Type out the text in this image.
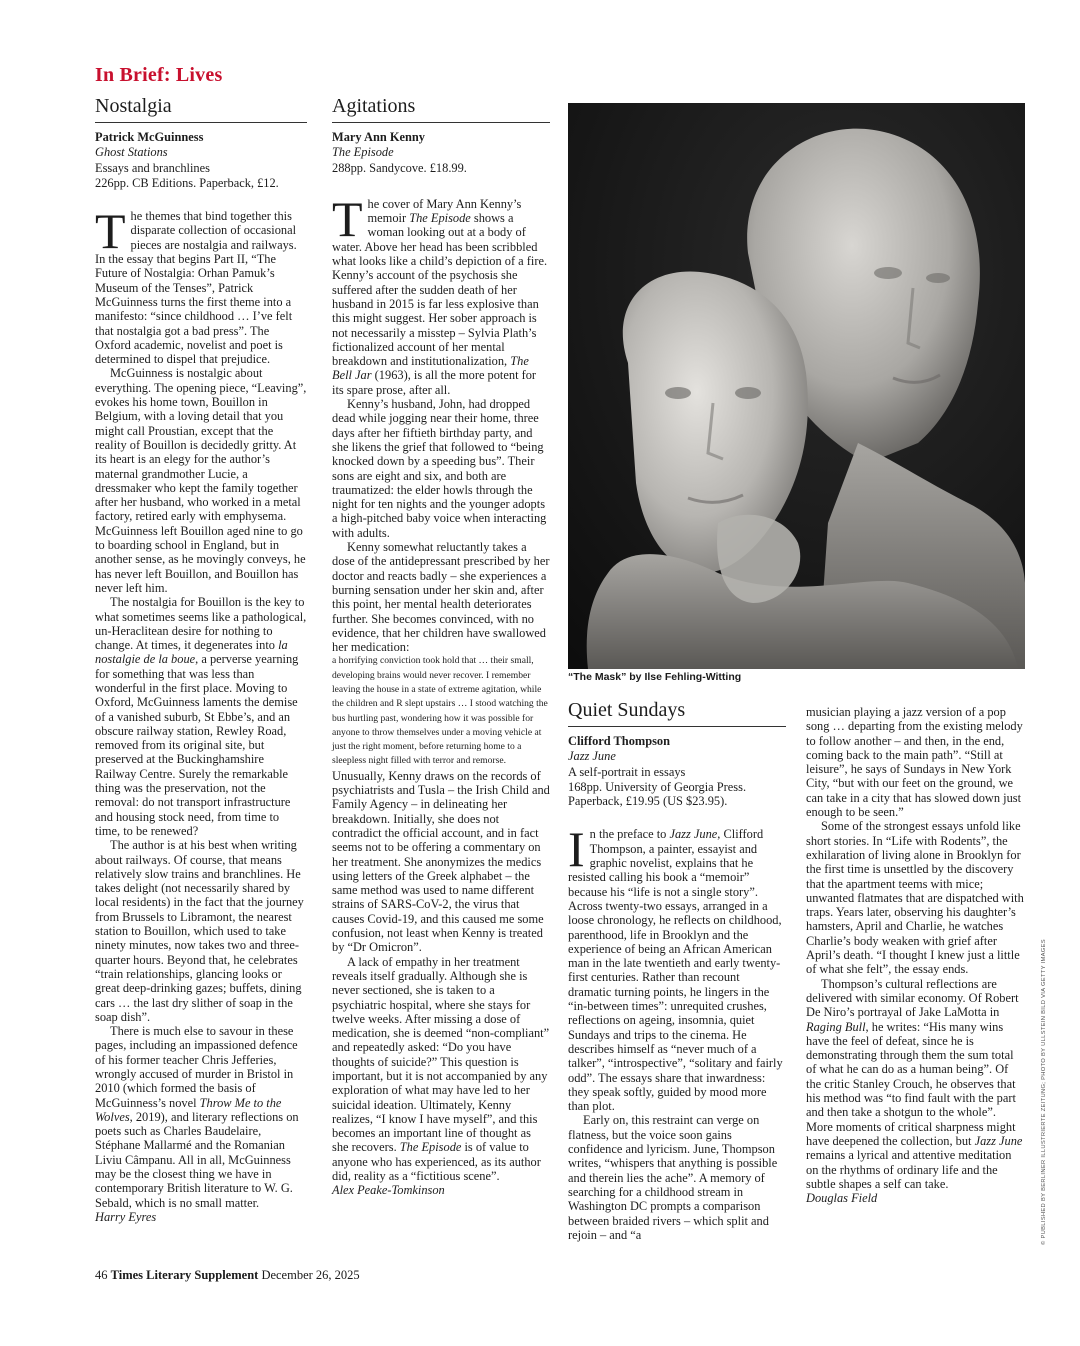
In Brief: Lives
Nostalgia
Patrick McGuinness
Ghost Stations
Essays and branchlines
226pp. CB Editions. Paperback, £12.

The themes that bind together this disparate collection of occasional pieces are nostalgia and railways. In the essay that begins Part II, “The Future of Nostalgia: Orhan Pamuk’s Museum of the Tenses”, Patrick McGuinness turns the first theme into a manifesto: “since childhood … I’ve felt that nostalgia got a bad press”. The Oxford academic, novelist and poet is determined to dispel that prejudice.

McGuinness is nostalgic about everything. The opening piece, “Leaving”, evokes his home town, Bouillon in Belgium, with a loving detail that you might call Proustian, except that the reality of Bouillon is decidedly gritty. At its heart is an elegy for the author’s maternal grandmother Lucie, a dressmaker who kept the family together after her husband, who worked in a metal factory, retired early with emphysema. McGuinness left Bouillon aged nine to go to boarding school in England, but in another sense, as he movingly conveys, he has never left Bouillon, and Bouillon has never left him.

The nostalgia for Bouillon is the key to what sometimes seems like a pathological, un-Heraclitean desire for nothing to change. At times, it degenerates into la nostalgie de la boue, a perverse yearning for something that was less than wonderful in the first place. Moving to Oxford, McGuinness laments the demise of a vanished suburb, St Ebbe’s, and an obscure railway station, Rewley Road, removed from its original site, but preserved at the Buckinghamshire Railway Centre. Surely the remarkable thing was the preservation, not the removal: do not transport infrastructure and housing stock need, from time to time, to be renewed?

The author is at his best when writing about railways. Of course, that means relatively slow trains and branchlines. He takes delight (not necessarily shared by local residents) in the fact that the journey from Brussels to Libramont, the nearest station to Bouillon, which used to take ninety minutes, now takes two and three-quarter hours. Beyond that, he celebrates “train relationships, glancing looks or great deep-drinking gazes; buffets, dining cars … the last dry slither of soap in the soap dish”.

There is much else to savour in these pages, including an impassioned defence of his former teacher Chris Jefferies, wrongly accused of murder in Bristol in 2010 (which formed the basis of McGuinness’s novel Throw Me to the Wolves, 2019), and literary reflections on poets such as Charles Baudelaire, Stéphane Mallarmé and the Romanian Liviu Câmpanu. All in all, McGuinness may be the closest thing we have in contemporary British literature to W. G. Sebald, which is no small matter.

Harry Eyres

Agitations
Mary Ann Kenny
The Episode
288pp. Sandycove. £18.99.

The cover of Mary Ann Kenny’s memoir The Episode shows a woman looking out at a body of water. Above her head has been scribbled what looks like a child’s depiction of a fire. Kenny’s account of the psychosis she suffered after the sudden death of her husband in 2015 is far less explosive than this might suggest. Her sober approach is not necessarily a misstep – Sylvia Plath’s fictionalized account of her mental breakdown and institutionalization, The Bell Jar (1963), is all the more potent for its spare prose, after all.

Kenny’s husband, John, had dropped dead while jogging near their home, three days after her fiftieth birthday party, and she likens the grief that followed to “being knocked down by a speeding bus”. Their sons are eight and six, and both are traumatized: the elder howls through the night for ten nights and the younger adopts a high-pitched baby voice when interacting with adults.

Kenny somewhat reluctantly takes a dose of the antidepressant prescribed by her doctor and reacts badly – she experiences a burning sensation under her skin and, after this point, her mental health deteriorates further. She becomes convinced, with no evidence, that her children have swallowed her medication:

a horrifying conviction took hold that … their small, developing brains would never recover. I remember leaving the house in a state of extreme agitation, while the children and R slept upstairs … I stood watching the bus hurtling past, wondering how it was possible for anyone to throw themselves under a moving vehicle at just the right moment, before returning home to a sleepless night filled with terror and remorse.

Unusually, Kenny draws on the records of psychiatrists and Tusla – the Irish Child and Family Agency – in delineating her breakdown. Initially, she does not contradict the official account, and in fact seems not to be offering a commentary on her treatment. She anonymizes the medics using letters of the Greek alphabet – the same method was used to name different strains of SARS-CoV-2, the virus that causes Covid-19, and this caused me some confusion, not least when Kenny is treated by “Dr Omicron”.

A lack of empathy in her treatment reveals itself gradually. Although she is never sectioned, she is taken to a psychiatric hospital, where she stays for twelve weeks. After missing a dose of medication, she is deemed “non-compliant” and repeatedly asked: “Do you have thoughts of suicide?” This question is important, but it is not accompanied by any exploration of what may have led to her suicidal ideation. Ultimately, Kenny realizes, “I know I have myself”, and this becomes an important line of thought as she recovers. The Episode is of value to anyone who has experienced, as its author did, reality as a “fictitious scene”.

Alex Peake-Tomkinson

“The Mask” by Ilse Fehling-Witting
Quiet Sundays
Clifford Thompson
Jazz June
A self-portrait in essays
168pp. University of Georgia Press. Paperback, £19.95 (US $23.95).

In the preface to Jazz June, Clifford Thompson, a painter, essayist and graphic novelist, explains that he resisted calling his book a “memoir” because his “life is not a single story”. Across twenty-two essays, arranged in a loose chronology, he reflects on childhood, parenthood, life in Brooklyn and the experience of being an African American man in the late twentieth and early twenty-first centuries. Rather than recount dramatic turning points, he lingers in the “in-between times”: unrequited crushes, reflections on ageing, insomnia, quiet Sundays and trips to the cinema. He describes himself as “never much of a talker”, “introspective”, “solitary and fairly odd”. The essays share that inwardness: they speak softly, guided by mood more than plot.

Early on, this restraint can verge on flatness, but the voice soon gains confidence and lyricism. June, Thompson writes, “whispers that anything is possible and therein lies the ache”. A memory of searching for a childhood stream in Washington DC prompts a comparison between braided rivers – which split and rejoin – and “a

musician playing a jazz version of a pop song … departing from the existing melody to follow another – and then, in the end, coming back to the main path”. “Still at leisure”, he says of Sundays in New York City, “but with our feet on the ground, we can take in a city that has slowed down just enough to be seen.”

Some of the strongest essays unfold like short stories. In “Life with Rodents”, the exhilaration of living alone in Brooklyn for the first time is unsettled by the discovery that the apartment teems with mice; unwanted flatmates that are dispatched with traps. Years later, observing his daughter’s hamsters, April and Charlie, he watches Charlie’s body weaken with grief after April’s death. “I thought I knew just a little of what she felt”, the essay ends.

Thompson’s cultural reflections are delivered with similar economy. Of Robert De Niro’s portrayal of Jake LaMotta in Raging Bull, he writes: “His many wins have the feel of defeat, since he is demonstrating through them the sum total of what he can do as a human being”. Of the critic Stanley Crouch, he observes that his method was “to find fault with the part and then take a shotgun to the whole”. More moments of critical sharpness might have deepened the collection, but Jazz June remains a lyrical and attentive meditation on the rhythms of ordinary life and the subtle shapes a self can take.

Douglas Field	© PUBLISHED BY BERLINER ILLUSTRIERTE ZEITUNG; PHOTO BY ULLSTEIN BILD VIA GETTY IMAGES
46 Times Literary Supplement December 26, 2025
